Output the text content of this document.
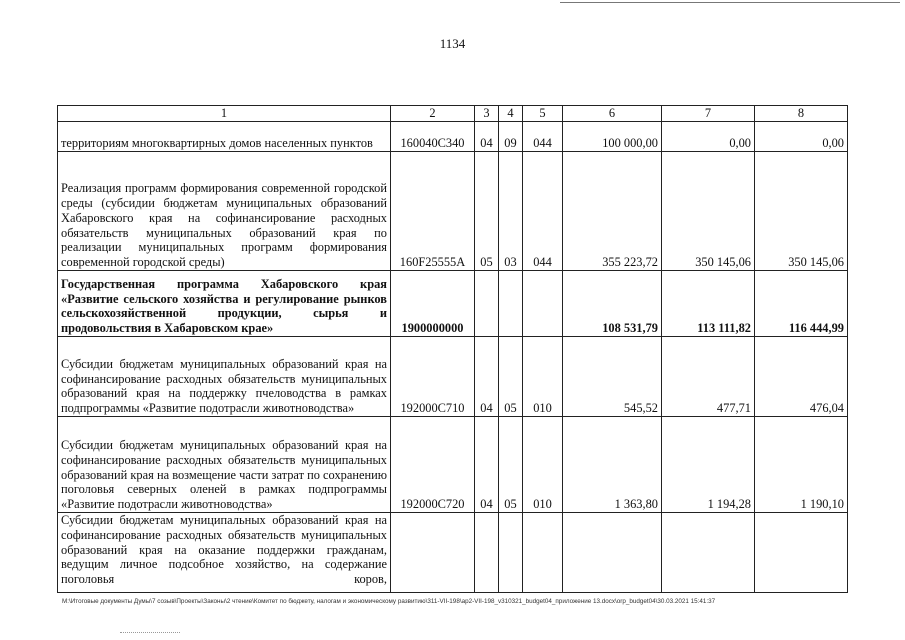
1134
1	2	3	4	5	6	7	8
территориям многоквартирных домов населенных пунктов	160040С340	04	09	044	100 000,00	0,00	0,00
Реализация программ формирования современной городской среды (субсидии бюджетам муниципальных образований Хабаровского края на софинансирование расходных обязательств муниципальных образований края по реализации муниципальных программ формирования современной городской среды)	160F25555А	05	03	044	355 223,72	350 145,06	350 145,06
Государственная программа Хабаровского края «Развитие сельского хозяйства и регулирование рынков сельскохозяйственной продукции, сырья и продовольствия в Хабаровском крае»	1900000000				108 531,79	113 111,82	116 444,99
Субсидии бюджетам муниципальных образований края на софинансирование расходных обязательств муниципальных образований края на поддержку пчеловодства в рамках подпрограммы «Развитие подотрасли животноводства»	192000С710	04	05	010	545,52	477,71	476,04
Субсидии бюджетам муниципальных образований края на софинансирование расходных обязательств муниципальных образований края на возмещение части затрат по сохранению поголовья северных оленей в рамках подпрограммы «Развитие подотрасли животноводства»	192000С720	04	05	010	1 363,80	1 194,28	1 190,10
Субсидии бюджетам муниципальных образований края на софинансирование расходных обязательств муниципальных образований края на оказание поддержки гражданам, ведущим личное подсобное хозяйство, на содержание поголовья коров,							
M:\Итоговые документы Думы\7 созыв\Проекты\Законы\2 чтение\Комитет по бюджету, налогам и экономическому развитию\311-VII-198\ap2-VII-198_v310321_budget04_приложение 13.docx\orp_budget04\30.03.2021 15:41:37
